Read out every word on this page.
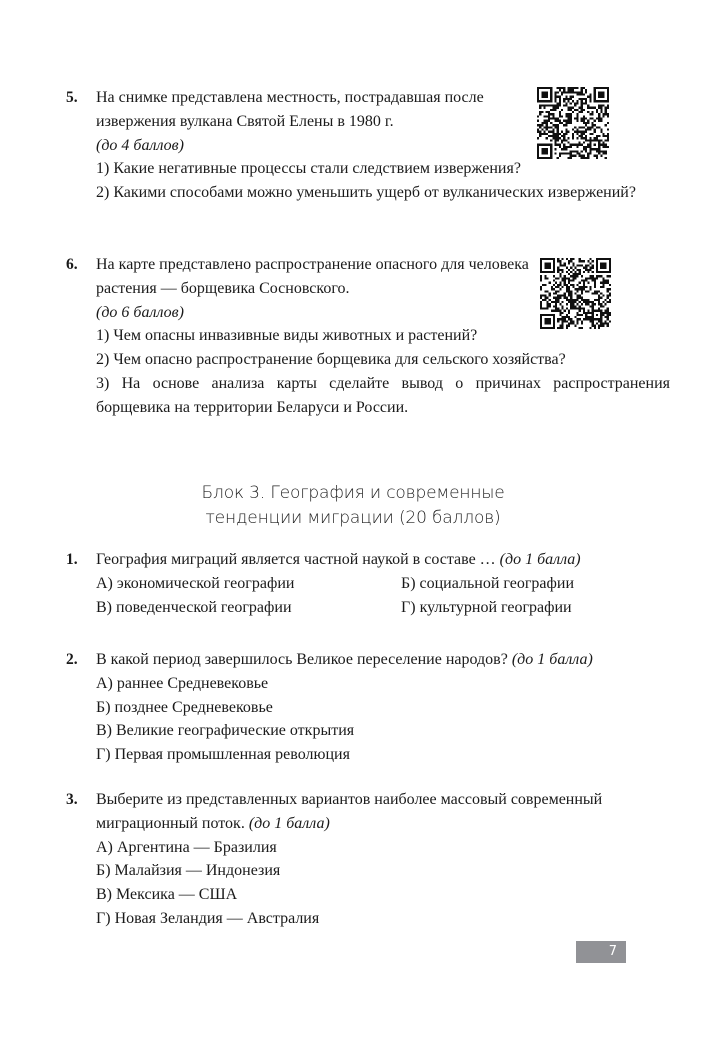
5.	На снимке представлена местность, пострадавшая после извержения вулкана Святой Елены в 1980 г.

(до 4 баллов)

1) Какие негативные процессы стали следствием извержения?

2) Какими способами можно уменьшить ущерб от вулканических извержений?

6.	На карте представлено распространение опасного для человека растения — борщевика Сосновского.

(до 6 баллов)

1) Чем опасны инвазивные виды животных и растений?

2) Чем опасно распространение борщевика для сельского хозяйства?

3) На основе анализа карты сделайте вывод о причинах распространения борщевика на территории Беларуси и России.

Блок 3. География и современные
тенденции миграции (20 баллов)
1.	География миграций является частной наукой в составе … (до 1 балла)

А) экономической географии	Б) социальной географии
В) поведенческой географии	Г) культурной географии
2.	В какой период завершилось Великое переселение народов? (до 1 балла)

А) раннее Средневековье
Б) позднее Средневековье
В) Великие географические открытия
Г) Первая промышленная революция
3.	Выберите из представленных вариантов наиболее массовый современный миграционный поток. (до 1 балла)

А) Аргентина — Бразилия
Б) Малайзия — Индонезия
В) Мексика — США
Г) Новая Зеландия — Австралия
7
